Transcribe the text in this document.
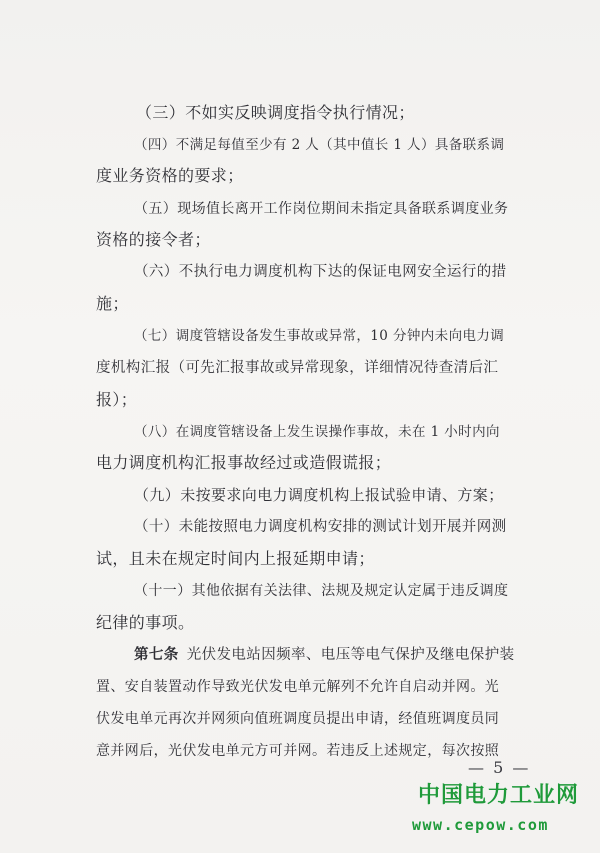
（三）不如实反映调度指令执行情况；
（四）不满足每值至少有 2 人（其中值长 1 人）具备联系调
度业务资格的要求；
（五）现场值长离开工作岗位期间未指定具备联系调度业务
资格的接令者；
（六）不执行电力调度机构下达的保证电网安全运行的措
施；
（七）调度管辖设备发生事故或异常，10 分钟内未向电力调
度机构汇报（可先汇报事故或异常现象，详细情况待查清后汇
报）；
（八）在调度管辖设备上发生误操作事故，未在 1 小时内向
电力调度机构汇报事故经过或造假谎报；
（九）未按要求向电力调度机构上报试验申请、方案；
（十）未能按照电力调度机构安排的测试计划开展并网测
试，且未在规定时间内上报延期申请；
（十一）其他依据有关法律、法规及规定认定属于违反调度
纪律的事项。
第七条 光伏发电站因频率、电压等电气保护及继电保护装
置、安自装置动作导致光伏发电单元解列不允许自启动并网。光
伏发电单元再次并网须向值班调度员提出申请，经值班调度员同
意并网后，光伏发电单元方可并网。若违反上述规定，每次按照
— 5 —
中国电力工业网
www.cepow.com
